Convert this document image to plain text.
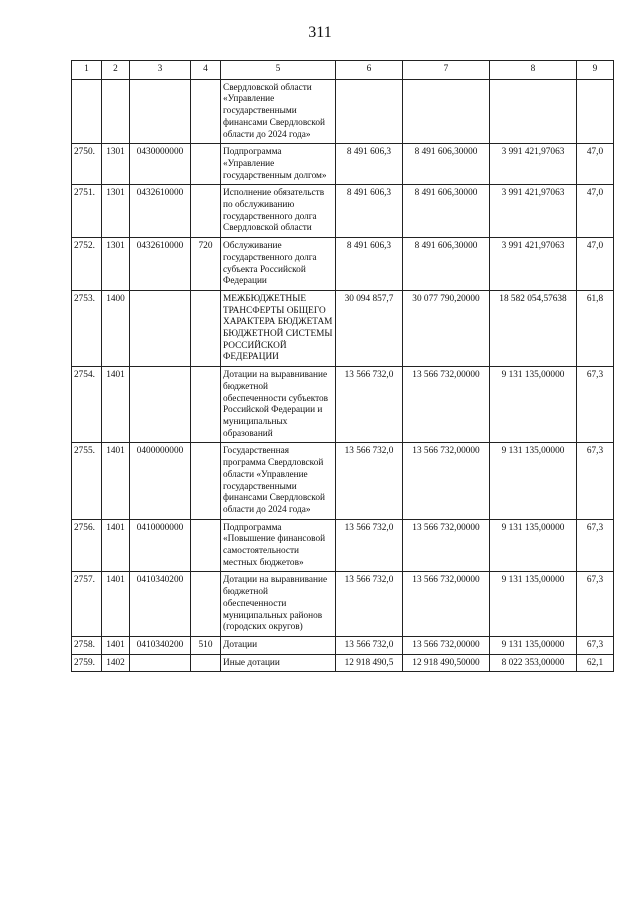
311
1	2	3	4	5	6	7	8	9
				Свердловской области «Управление государственными финансами Свердловской области до 2024 года»				
2750.	1301	0430000000		Подпрограмма «Управление государственным долгом»	8 491 606,3	8 491 606,30000	3 991 421,97063	47,0
2751.	1301	0432610000		Исполнение обязательств по обслуживанию государственного долга Свердловской области	8 491 606,3	8 491 606,30000	3 991 421,97063	47,0
2752.	1301	0432610000	720	Обслуживание государственного долга субъекта Российской Федерации	8 491 606,3	8 491 606,30000	3 991 421,97063	47,0
2753.	1400			МЕЖБЮДЖЕТНЫЕ ТРАНСФЕРТЫ ОБЩЕГО ХАРАКТЕРА БЮДЖЕТАМ БЮДЖЕТНОЙ СИСТЕМЫ РОССИЙСКОЙ ФЕДЕРАЦИИ	30 094 857,7	30 077 790,20000	18 582 054,57638	61,8
2754.	1401			Дотации на выравнивание бюджетной обеспеченности субъектов Российской Федерации и муниципальных образований	13 566 732,0	13 566 732,00000	9 131 135,00000	67,3
2755.	1401	0400000000		Государственная программа Свердловской области «Управление государственными финансами Свердловской области до 2024 года»	13 566 732,0	13 566 732,00000	9 131 135,00000	67,3
2756.	1401	0410000000		Подпрограмма «Повышение финансовой самостоятельности местных бюджетов»	13 566 732,0	13 566 732,00000	9 131 135,00000	67,3
2757.	1401	0410340200		Дотации на выравнивание бюджетной обеспеченности муниципальных районов (городских округов)	13 566 732,0	13 566 732,00000	9 131 135,00000	67,3
2758.	1401	0410340200	510	Дотации	13 566 732,0	13 566 732,00000	9 131 135,00000	67,3
2759.	1402			Иные дотации	12 918 490,5	12 918 490,50000	8 022 353,00000	62,1
